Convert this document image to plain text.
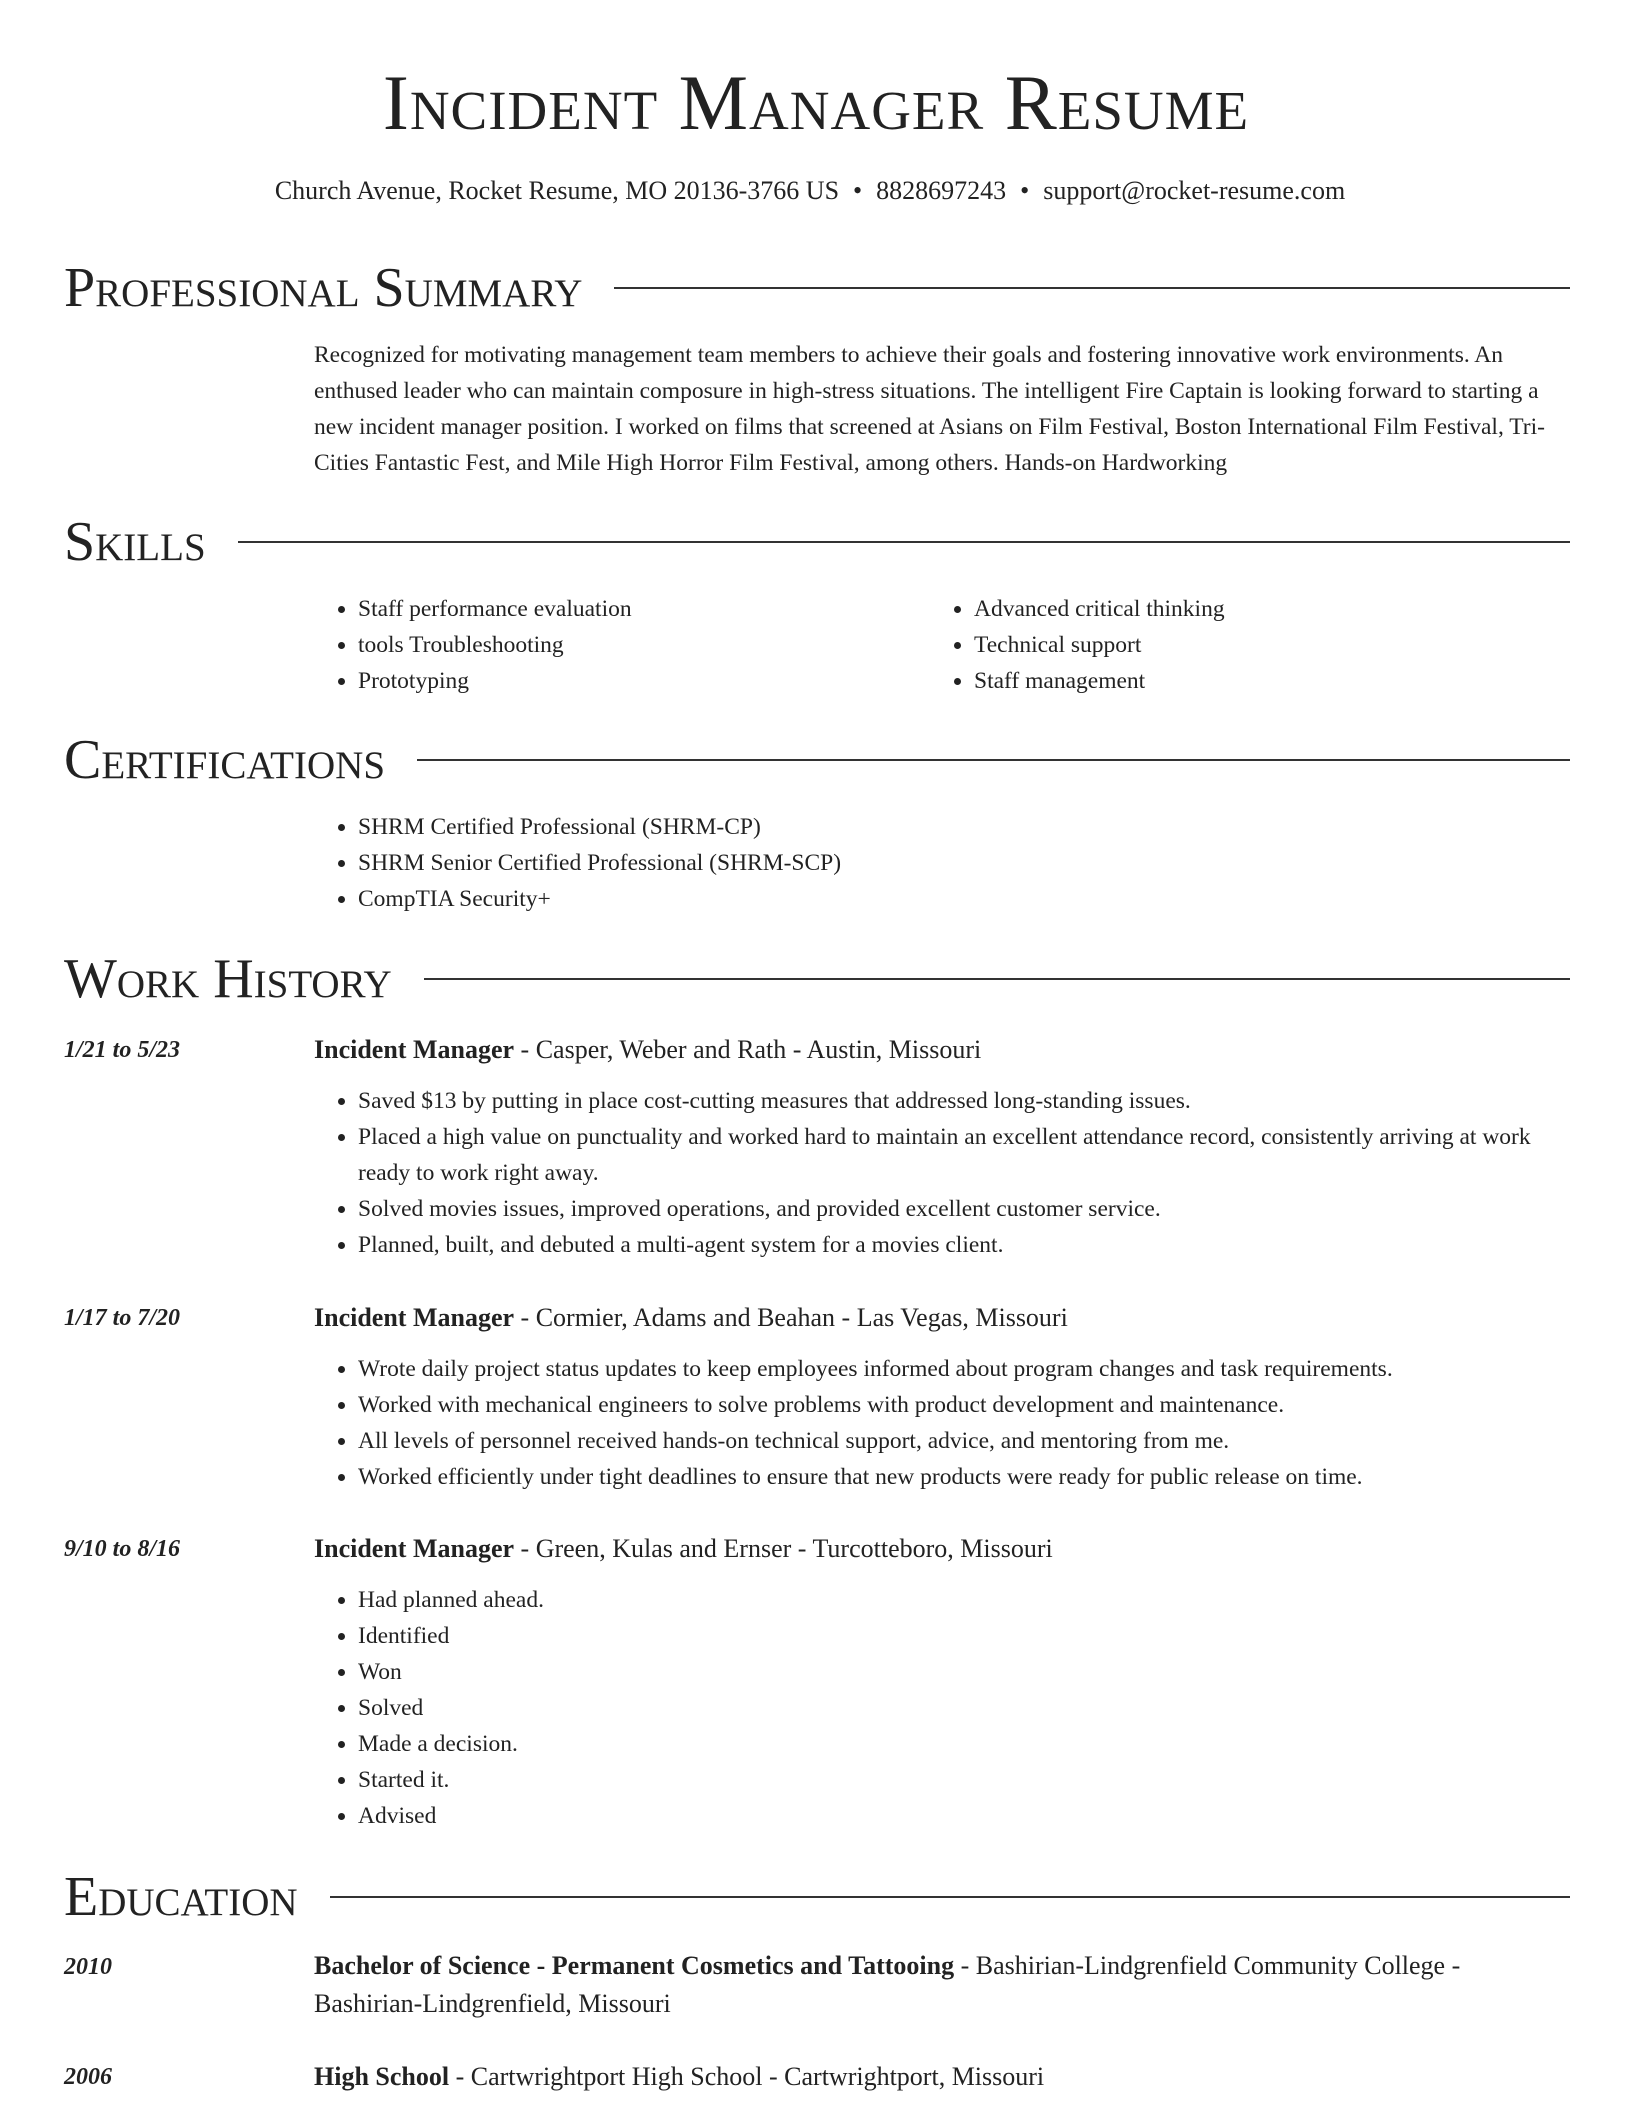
Incident Manager Resume
Church Avenue, Rocket Resume, MO 20136-3766 US • 8828697243 • support@rocket-resume.com
Professional Summary

Recognized for motivating management team members to achieve their goals and fostering innovative work environments. An enthused leader who can maintain composure in high-stress situations. The intelligent Fire Captain is looking forward to starting a new incident manager position. I worked on films that screened at Asians on Film Festival, Boston International Film Festival, Tri-Cities Fantastic Fest, and Mile High Horror Film Festival, among others. Hands-on Hardworking

Skills
• Staff performance evaluation
• tools Troubleshooting
• Prototyping
• Advanced critical thinking
• Technical support
• Staff management
Certifications
• SHRM Certified Professional (SHRM-CP)
• SHRM Senior Certified Professional (SHRM-SCP)
• CompTIA Security+
Work History
1/21 to 5/23	Incident Manager - Casper, Weber and Rath - Austin, Missouri
• Saved $13 by putting in place cost-cutting measures that addressed long-standing issues.
• Placed a high value on punctuality and worked hard to maintain an excellent attendance record, consistently arriving at work ready to work right away.
• Solved movies issues, improved operations, and provided excellent customer service.
• Planned, built, and debuted a multi-agent system for a movies client.
1/17 to 7/20	Incident Manager - Cormier, Adams and Beahan - Las Vegas, Missouri
• Wrote daily project status updates to keep employees informed about program changes and task requirements.
• Worked with mechanical engineers to solve problems with product development and maintenance.
• All levels of personnel received hands-on technical support, advice, and mentoring from me.
• Worked efficiently under tight deadlines to ensure that new products were ready for public release on time.
9/10 to 8/16	Incident Manager - Green, Kulas and Ernser - Turcotteboro, Missouri
• Had planned ahead.
• Identified
• Won
• Solved
• Made a decision.
• Started it.
• Advised
Education
2010	Bachelor of Science - Permanent Cosmetics and Tattooing - Bashirian-Lindgrenfield Community College - Bashirian-Lindgrenfield, Missouri
2006	High School - Cartwrightport High School - Cartwrightport, Missouri
